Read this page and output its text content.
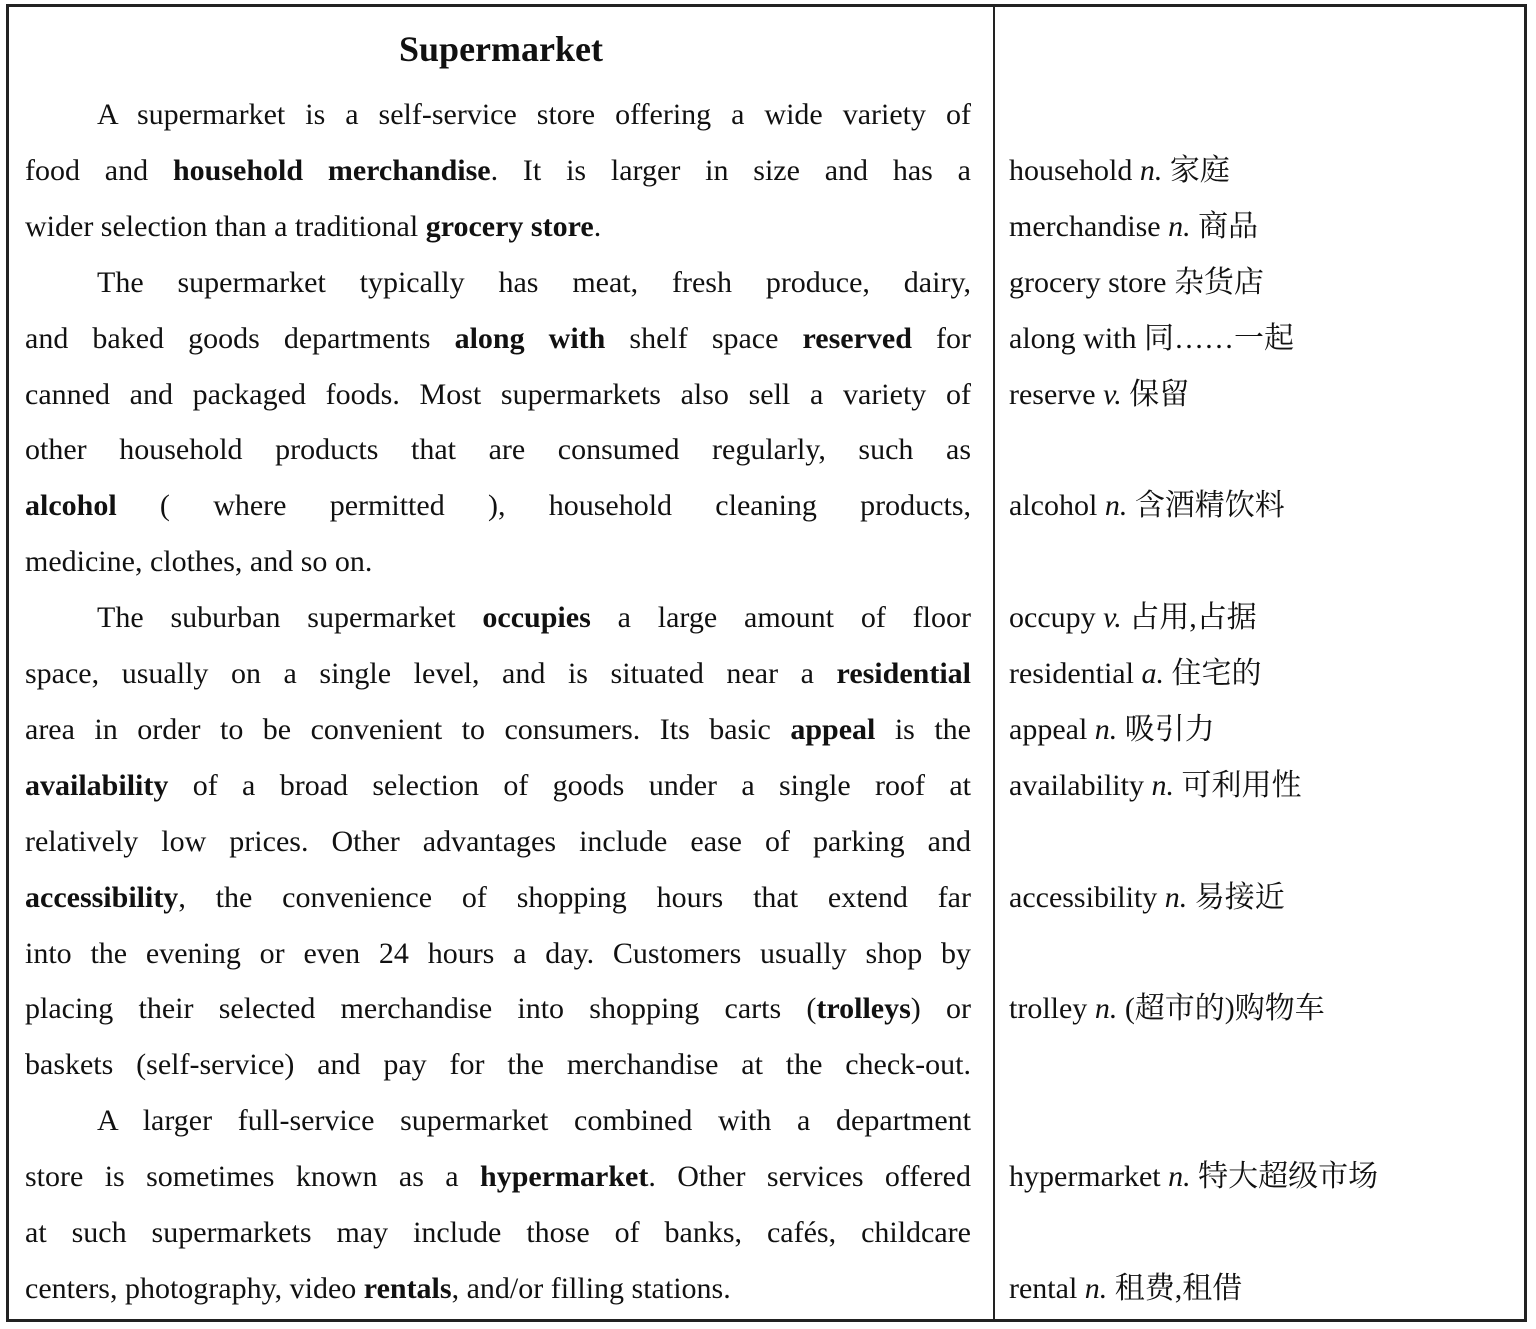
Supermarket

A supermarket is a self-service store offering a wide variety of

food and household merchandise. It is larger in size and has a

wider selection than a traditional grocery store.

The supermarket typically has meat, fresh produce, dairy,

and baked goods departments along with shelf space reserved for

canned and packaged foods. Most supermarkets also sell a variety of

other household products that are consumed regularly, such as

alcohol ( where permitted ), household cleaning products,

medicine, clothes, and so on.

The suburban supermarket occupies a large amount of floor

space, usually on a single level, and is situated near a residential

area in order to be convenient to consumers. Its basic appeal is the

availability of a broad selection of goods under a single roof at

relatively low prices. Other advantages include ease of parking and

accessibility, the convenience of shopping hours that extend far

into the evening or even 24 hours a day. Customers usually shop by

placing their selected merchandise into shopping carts (trolleys) or

baskets (self-service) and pay for the merchandise at the check-out.

A larger full-service supermarket combined with a department

store is sometimes known as a hypermarket. Other services offered

at such supermarkets may include those of banks, cafés, childcare

centers, photography, video rentals, and/or filling stations.

household n. 家庭

merchandise n. 商品

grocery store 杂货店

along with 同……一起

reserve v. 保留

alcohol n. 含酒精饮料

occupy v. 占用,占据

residential a. 住宅的

appeal n. 吸引力

availability n. 可利用性

accessibility n. 易接近

trolley n. (超市的)购物车

hypermarket n. 特大超级市场

rental n. 租费,租借
